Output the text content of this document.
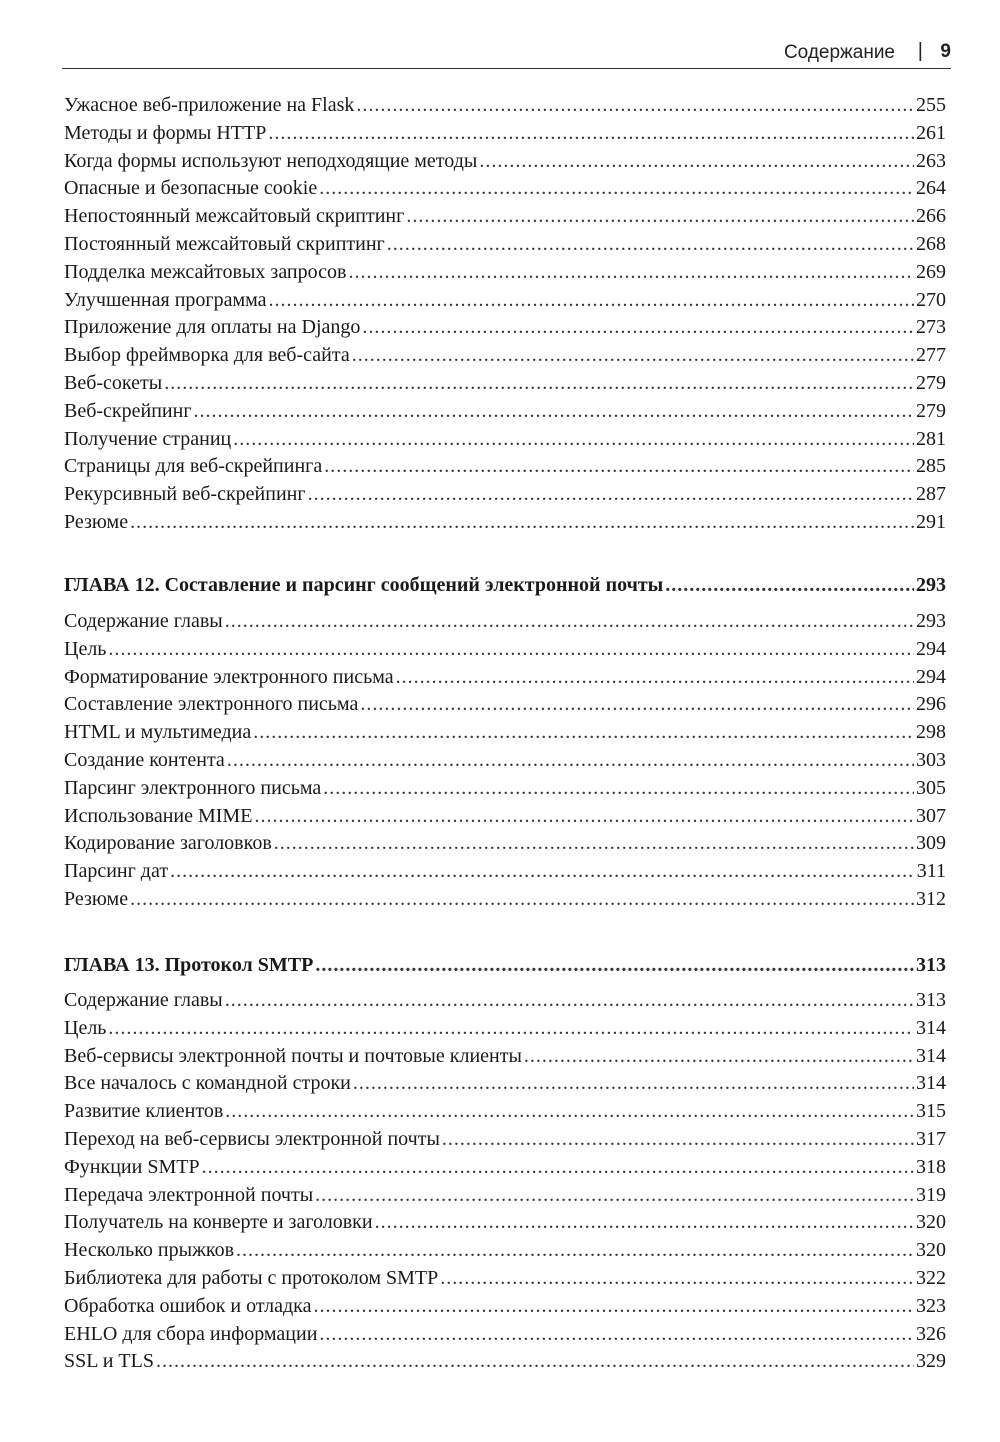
Содержание | 9
Ужасное веб-приложение на Flask .....	255
Методы и формы HTTP .....	261
Когда формы используют неподходящие методы .....	263
Опасные и безопасные cookie .....	264
Непостоянный межсайтовый скриптинг .....	266
Постоянный межсайтовый скриптинг .....	268
Подделка межсайтовых запросов .....	269
Улучшенная программа .....	270
Приложение для оплаты на Django .....	273
Выбор фреймворка для веб-сайта .....	277
Веб-сокеты .....	279
Веб-скрейпинг .....	279
Получение страниц .....	281
Страницы для веб-скрейпинга .....	285
Рекурсивный веб-скрейпинг .....	287
Резюме .....	291
ГЛАВА 12. Составление и парсинг сообщений электронной почты .....	293
Содержание главы .....	293
Цель .....	294
Форматирование электронного письма .....	294
Составление электронного письма .....	296
HTML и мультимедиа .....	298
Создание контента .....	303
Парсинг электронного письма .....	305
Использование MIME .....	307
Кодирование заголовков .....	309
Парсинг дат .....	311
Резюме .....	312
ГЛАВА 13. Протокол SMTP .....	313
Содержание главы .....	313
Цель .....	314
Веб-сервисы электронной почты и почтовые клиенты .....	314
Все началось с командной строки .....	314
Развитие клиентов .....	315
Переход на веб-сервисы электронной почты .....	317
Функции SMTP .....	318
Передача электронной почты .....	319
Получатель на конверте и заголовки .....	320
Несколько прыжков .....	320
Библиотека для работы с протоколом SMTP .....	322
Обработка ошибок и отладка .....	323
EHLO для сбора информации .....	326
SSL и TLS .....	329
